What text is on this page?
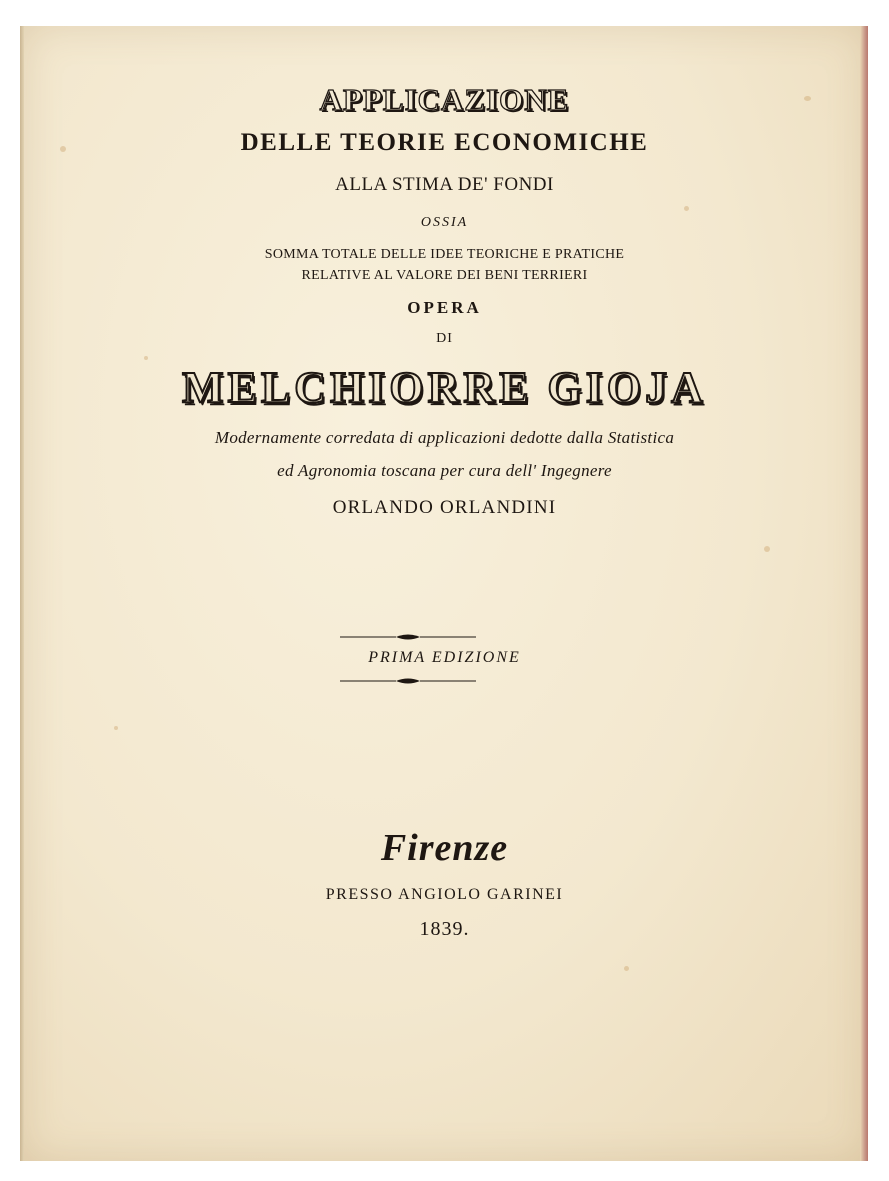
APPLICAZIONE
DELLE TEORIE ECONOMICHE
ALLA STIMA DE' FONDI
OSSIA
SOMMA TOTALE DELLE IDEE TEORICHE E PRATICHE
RELATIVE AL VALORE DEI BENI TERRIERI
OPERA
DI
MELCHIORRE GIOJA
Modernamente corredata di applicazioni dedotte dalla Statistica
ed Agronomia toscana per cura dell' Ingegnere
ORLANDO ORLANDINI
PRIMA EDIZIONE
Firenze
PRESSO ANGIOLO GARINEI
1839.
